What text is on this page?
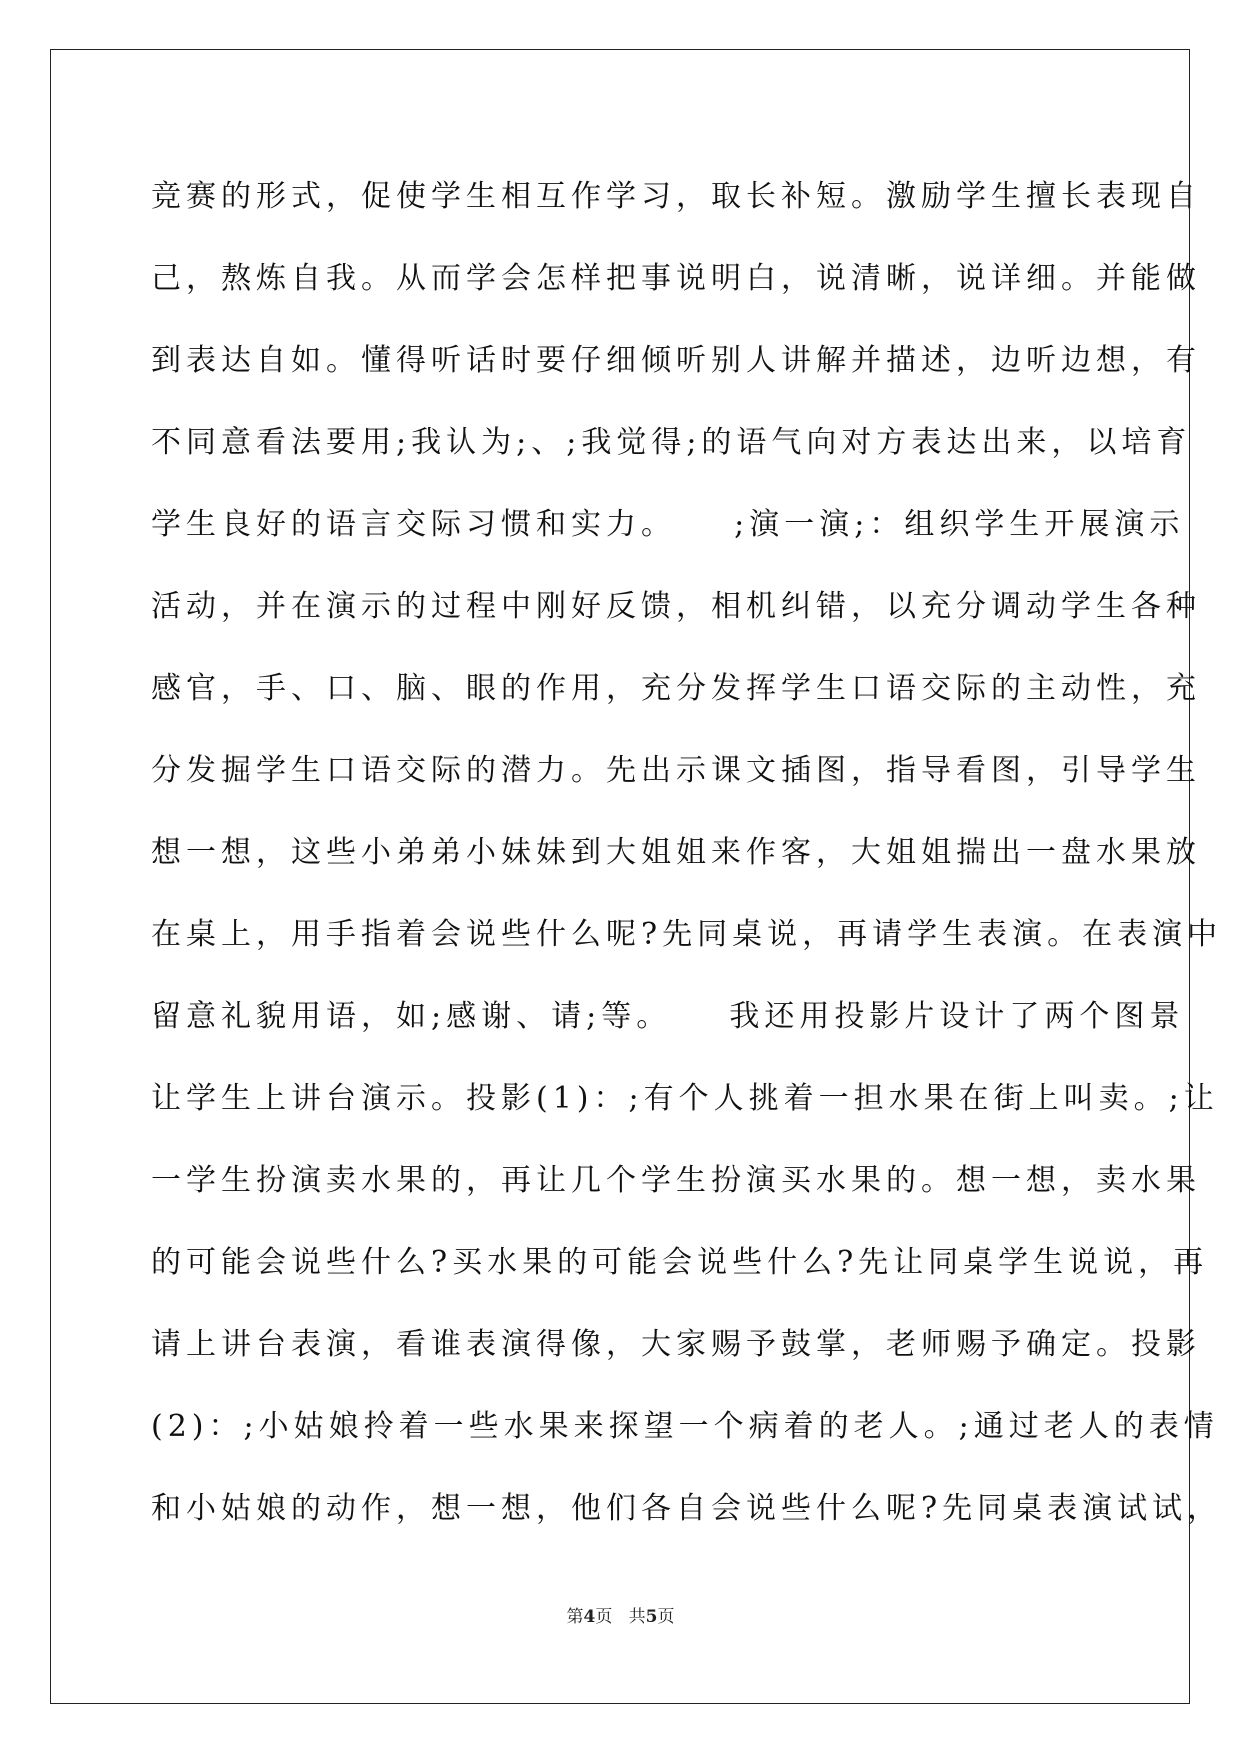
竞赛的形式，促使学生相互作学习，取长补短。激励学生擅长表现自
己，熬炼自我。从而学会怎样把事说明白，说清晰，说详细。并能做
到表达自如。懂得听话时要仔细倾听别人讲解并描述，边听边想，有
不同意看法要用;我认为;、;我觉得;的语气向对方表达出来，以培育
学生良好的语言交际习惯和实力。    ;演一演;：组织学生开展演示
活动，并在演示的过程中刚好反馈，相机纠错，以充分调动学生各种
感官，手、口、脑、眼的作用，充分发挥学生口语交际的主动性，充
分发掘学生口语交际的潜力。先出示课文插图，指导看图，引导学生
想一想，这些小弟弟小妹妹到大姐姐来作客，大姐姐揣出一盘水果放
在桌上，用手指着会说些什么呢?先同桌说，再请学生表演。在表演中
留意礼貌用语，如;感谢、请;等。    我还用投影片设计了两个图景
让学生上讲台演示。投影(1)：;有个人挑着一担水果在街上叫卖。;让
一学生扮演卖水果的，再让几个学生扮演买水果的。想一想，卖水果
的可能会说些什么?买水果的可能会说些什么?先让同桌学生说说，再
请上讲台表演，看谁表演得像，大家赐予鼓掌，老师赐予确定。投影
(2)：;小姑娘拎着一些水果来探望一个病着的老人。;通过老人的表情
和小姑娘的动作，想一想，他们各自会说些什么呢?先同桌表演试试，
第4页 共5页
